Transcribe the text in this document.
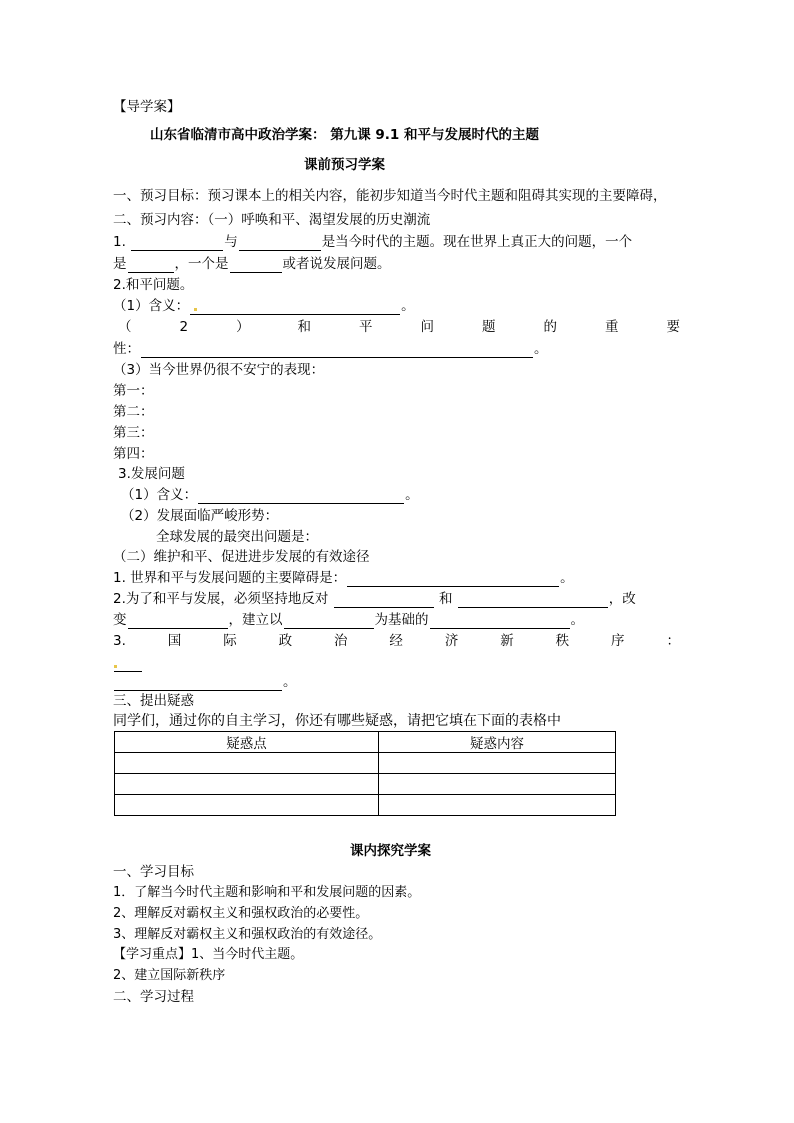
【导学案】
山东省临清市高中政治学案： 第九课 9.1 和平与发展时代的主题
课前预习学案
一、预习目标：预习课本上的相关内容，能初步知道当今时代主题和阻碍其实现的主要障碍，
二、预习内容：（一）呼唤和平、渴望发展的历史潮流
1.	与	是当今时代的主题。现在世界上真正大的问题，一个
是	，一个是	或者说发展问题。
2.和平问题。
（1）含义：	。
（	2	）	和	平	问	题	的	重	要
性：	。
（3）当今世界仍很不安宁的表现：
第一：
第二：
第三：
第四：
3.发展问题
（1）含义：	。
（2）发展面临严峻形势：
全球发展的最突出问题是：
（二）维护和平、促进进步发展的有效途径
1. 世界和平与发展问题的主要障碍是：	。
2.为了和平与发展，必须坚持地反对	和	，改
变	，建立以	为基础的	。
3.	国	际	政	治	经	济	新	秩	序	：
。
三、提出疑惑
同学们，通过你的自主学习，你还有哪些疑惑，请把它填在下面的表格中
疑惑点	疑惑内容

课内探究学案
一、学习目标
1．了解当今时代主题和影响和平和发展问题的因素。
2、理解反对霸权主义和强权政治的必要性。
3、理解反对霸权主义和强权政治的有效途径。
【学习重点】1、当今时代主题。
2、建立国际新秩序
二、学习过程
